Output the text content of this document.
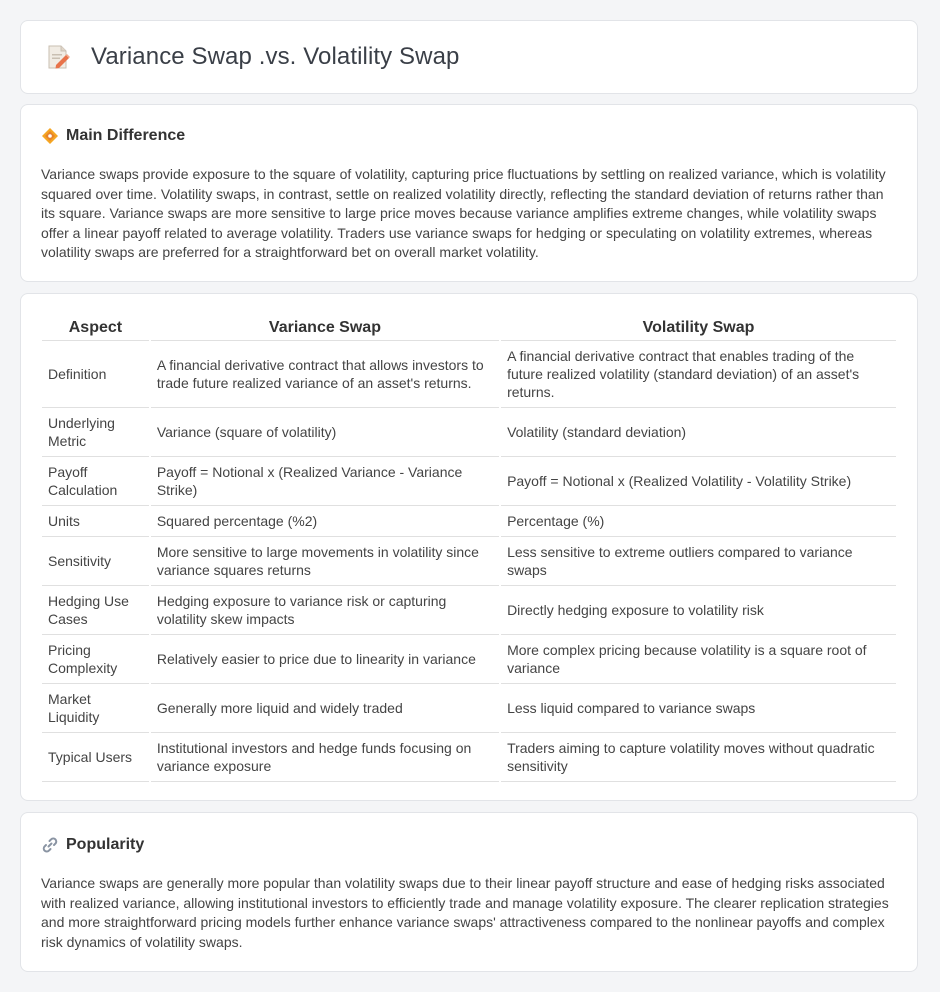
Variance Swap .vs. Volatility Swap
Main Difference
Variance swaps provide exposure to the square of volatility, capturing price fluctuations by settling on realized variance, which is volatility squared over time. Volatility swaps, in contrast, settle on realized volatility directly, reflecting the standard deviation of returns rather than its square. Variance swaps are more sensitive to large price moves because variance amplifies extreme changes, while volatility swaps offer a linear payoff related to average volatility. Traders use variance swaps for hedging or speculating on volatility extremes, whereas volatility swaps are preferred for a straightforward bet on overall market volatility.
Aspect	Variance Swap	Volatility Swap
Definition	A financial derivative contract that allows investors to trade future realized variance of an asset's returns.	A financial derivative contract that enables trading of the future realized volatility (standard deviation) of an asset's returns.
Underlying Metric	Variance (square of volatility)	Volatility (standard deviation)
Payoff Calculation	Payoff = Notional x (Realized Variance - Variance Strike)	Payoff = Notional x (Realized Volatility - Volatility Strike)
Units	Squared percentage (%2)	Percentage (%)
Sensitivity	More sensitive to large movements in volatility since variance squares returns	Less sensitive to extreme outliers compared to variance swaps
Hedging Use Cases	Hedging exposure to variance risk or capturing volatility skew impacts	Directly hedging exposure to volatility risk
Pricing Complexity	Relatively easier to price due to linearity in variance	More complex pricing because volatility is a square root of variance
Market Liquidity	Generally more liquid and widely traded	Less liquid compared to variance swaps
Typical Users	Institutional investors and hedge funds focusing on variance exposure	Traders aiming to capture volatility moves without quadratic sensitivity
Popularity
Variance swaps are generally more popular than volatility swaps due to their linear payoff structure and ease of hedging risks associated with realized variance, allowing institutional investors to efficiently trade and manage volatility exposure. The clearer replication strategies and more straightforward pricing models further enhance variance swaps' attractiveness compared to the nonlinear payoffs and complex risk dynamics of volatility swaps.
